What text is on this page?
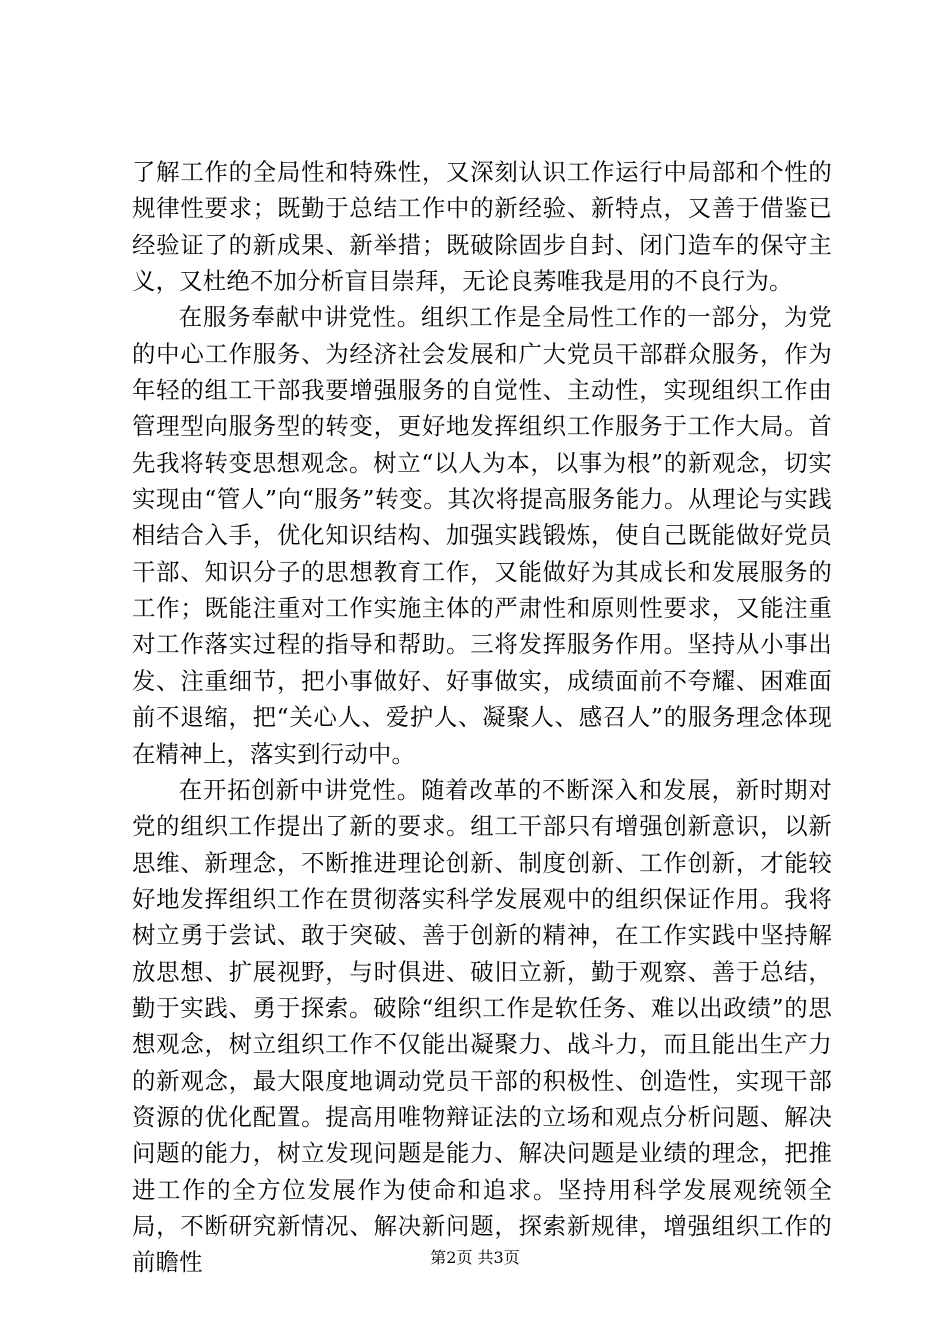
了解工作的全局性和特殊性，又深刻认识工作运行中局部和个性的规律性要求；既勤于总结工作中的新经验、新特点，又善于借鉴已经验证了的新成果、新举措；既破除固步自封、闭门造车的保守主义，又杜绝不加分析盲目崇拜，无论良莠唯我是用的不良行为。

在服务奉献中讲党性。组织工作是全局性工作的一部分，为党的中心工作服务、为经济社会发展和广大党员干部群众服务，作为年轻的组工干部我要增强服务的自觉性、主动性，实现组织工作由管理型向服务型的转变，更好地发挥组织工作服务于工作大局。首先我将转变思想观念。树立“以人为本，以事为根”的新观念，切实实现由“管人”向“服务”转变。其次将提高服务能力。从理论与实践相结合入手，优化知识结构、加强实践锻炼，使自己既能做好党员干部、知识分子的思想教育工作，又能做好为其成长和发展服务的工作；既能注重对工作实施主体的严肃性和原则性要求，又能注重对工作落实过程的指导和帮助。三将发挥服务作用。坚持从小事出发、注重细节，把小事做好、好事做实，成绩面前不夸耀、困难面前不退缩，把“关心人、爱护人、凝聚人、感召人”的服务理念体现在精神上，落实到行动中。

在开拓创新中讲党性。随着改革的不断深入和发展，新时期对党的组织工作提出了新的要求。组工干部只有增强创新意识，以新思维、新理念，不断推进理论创新、制度创新、工作创新，才能较好地发挥组织工作在贯彻落实科学发展观中的组织保证作用。我将树立勇于尝试、敢于突破、善于创新的精神，在工作实践中坚持解放思想、扩展视野，与时俱进、破旧立新，勤于观察、善于总结，勤于实践、勇于探索。破除“组织工作是软任务、难以出政绩”的思想观念，树立组织工作不仅能出凝聚力、战斗力，而且能出生产力的新观念，最大限度地调动党员干部的积极性、创造性，实现干部资源的优化配置。提高用唯物辩证法的立场和观点分析问题、解决问题的能力，树立发现问题是能力、解决问题是业绩的理念，把推进工作的全方位发展作为使命和追求。坚持用科学发展观统领全局，不断研究新情况、解决新问题，探索新规律，增强组织工作的前瞻性	第2页 共3页
